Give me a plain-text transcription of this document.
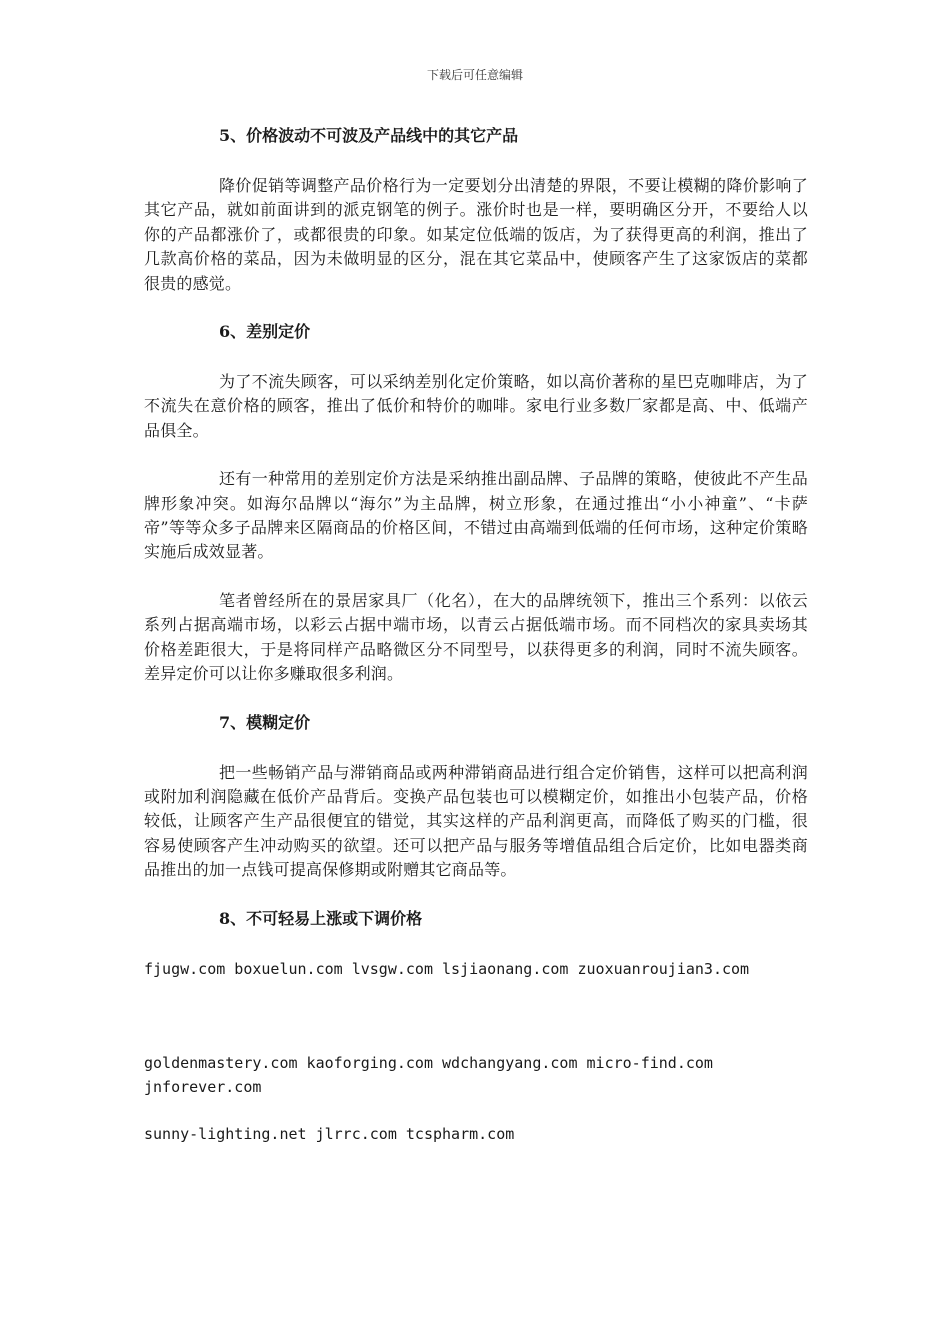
下载后可任意编辑
5、价格波动不可波及产品线中的其它产品

降价促销等调整产品价格行为一定要划分出清楚的界限，不要让模糊的降价影响了其它产品，就如前面讲到的派克钢笔的例子。涨价时也是一样，要明确区分开，不要给人以你的产品都涨价了，或都很贵的印象。如某定位低端的饭店，为了获得更高的利润，推出了几款高价格的菜品，因为未做明显的区分，混在其它菜品中，使顾客产生了这家饭店的菜都很贵的感觉。

6、差别定价

为了不流失顾客，可以采纳差别化定价策略，如以高价著称的星巴克咖啡店，为了不流失在意价格的顾客，推出了低价和特价的咖啡。家电行业多数厂家都是高、中、低端产品俱全。

还有一种常用的差别定价方法是采纳推出副品牌、子品牌的策略，使彼此不产生品牌形象冲突。如海尔品牌以“海尔”为主品牌，树立形象，在通过推出“小小神童”、“卡萨帝”等等众多子品牌来区隔商品的价格区间，不错过由高端到低端的任何市场，这种定价策略实施后成效显著。

笔者曾经所在的景居家具厂（化名），在大的品牌统领下，推出三个系列：以依云系列占据高端市场，以彩云占据中端市场，以青云占据低端市场。而不同档次的家具卖场其价格差距很大，于是将同样产品略微区分不同型号，以获得更多的利润，同时不流失顾客。差异定价可以让你多赚取很多利润。

7、模糊定价

把一些畅销产品与滞销商品或两种滞销商品进行组合定价销售，这样可以把高利润或附加利润隐藏在低价产品背后。变换产品包装也可以模糊定价，如推出小包装产品，价格较低，让顾客产生产品很便宜的错觉，其实这样的产品利润更高，而降低了购买的门槛，很容易使顾客产生冲动购买的欲望。还可以把产品与服务等增值品组合后定价，比如电器类商品推出的加一点钱可提高保修期或附赠其它商品等。

8、不可轻易上涨或下调价格

fjugw.com boxuelun.com lvsgw.com lsjiaonang.com zuoxuanroujian3.com

goldenmastery.com kaoforging.com wdchangyang.com micro-find.com jnforever.com

sunny-lighting.net jlrrc.com tcspharm.com
